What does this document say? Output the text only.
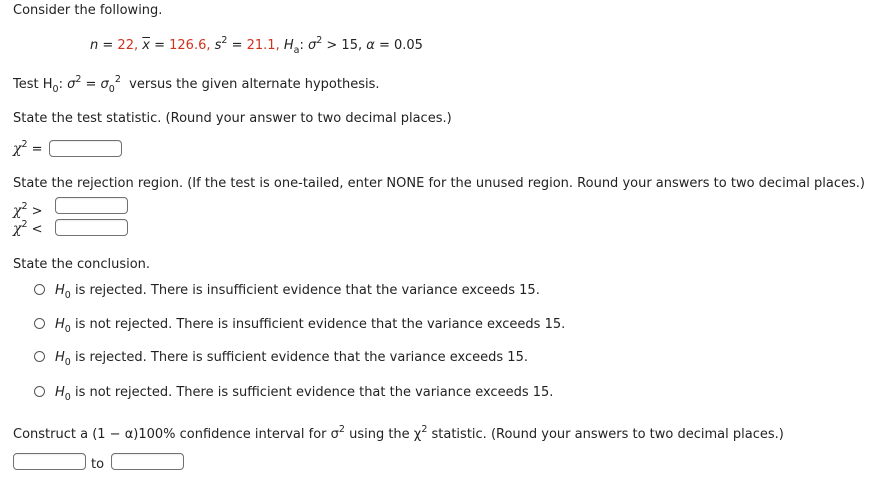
Consider the following.
n = 22, $\overline{x} = 126.6$, $s^2 = 21.1$, $H_a$: $\sigma^2 > 15$, α = 0.05
Test $H_0$: $\sigma^2 = \sigma_0^2$ versus the given alternate hypothesis.
State the test statistic. (Round your answer to two decimal places.)
$\chi^2$ =
State the rejection region. (If the test is one-tailed, enter NONE for the unused region. Round your answers to two decimal places.)
$\chi^2$ >
$\chi^2$ <
State the conclusion.
$H_0$ is rejected. There is insufficient evidence that the variance exceeds 15.
$H_0$ is not rejected. There is insufficient evidence that the variance exceeds 15.
$H_0$ is rejected. There is sufficient evidence that the variance exceeds 15.
$H_0$ is not rejected. There is sufficient evidence that the variance exceeds 15.
Construct a (1 − α)100% confidence interval for $\sigma^2$ using the $\chi^2$ statistic. (Round your answers to two decimal places.)
to
